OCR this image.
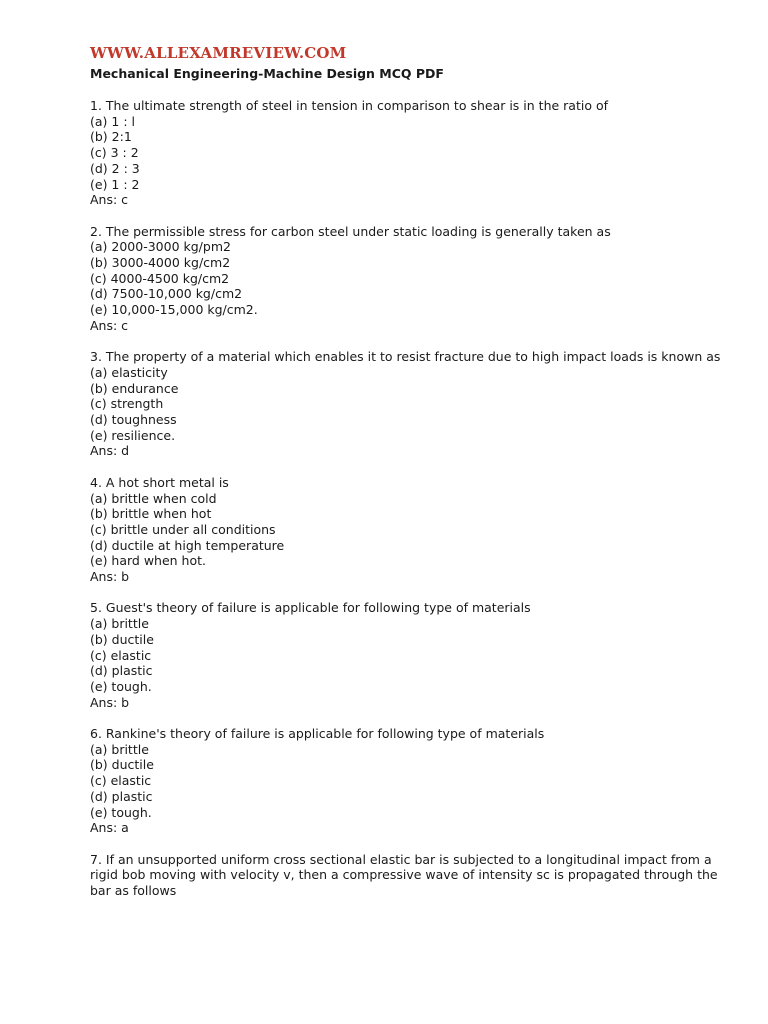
WWW.ALLEXAMREVIEW.COM
Mechanical Engineering-Machine Design MCQ PDF
1. The ultimate strength of steel in tension in comparison to shear is in the ratio of
(a) 1 : l
(b) 2:1
(c) 3 : 2
(d) 2 : 3
(e) 1 : 2
Ans: c
2. The permissible stress for carbon steel under static loading is generally taken as
(a) 2000-3000 kg/pm2
(b) 3000-4000 kg/cm2
(c) 4000-4500 kg/cm2
(d) 7500-10,000 kg/cm2
(e) 10,000-15,000 kg/cm2.
Ans: c
3. The property of a material which enables it to resist fracture due to high impact loads is known as
(a) elasticity
(b) endurance
(c) strength
(d) toughness
(e) resilience.
Ans: d
4. A hot short metal is
(a) brittle when cold
(b) brittle when hot
(c) brittle under all conditions
(d) ductile at high temperature
(e) hard when hot.
Ans: b
5. Guest's theory of failure is applicable for following type of materials
(a) brittle
(b) ductile
(c) elastic
(d) plastic
(e) tough.
Ans: b
6. Rankine's theory of failure is applicable for following type of materials
(a) brittle
(b) ductile
(c) elastic
(d) plastic
(e) tough.
Ans: a
7. If an unsupported uniform cross sectional elastic bar is subjected to a longitudinal impact from a rigid bob moving with velocity v, then a compressive wave of intensity sc is propagated through the bar as follows
